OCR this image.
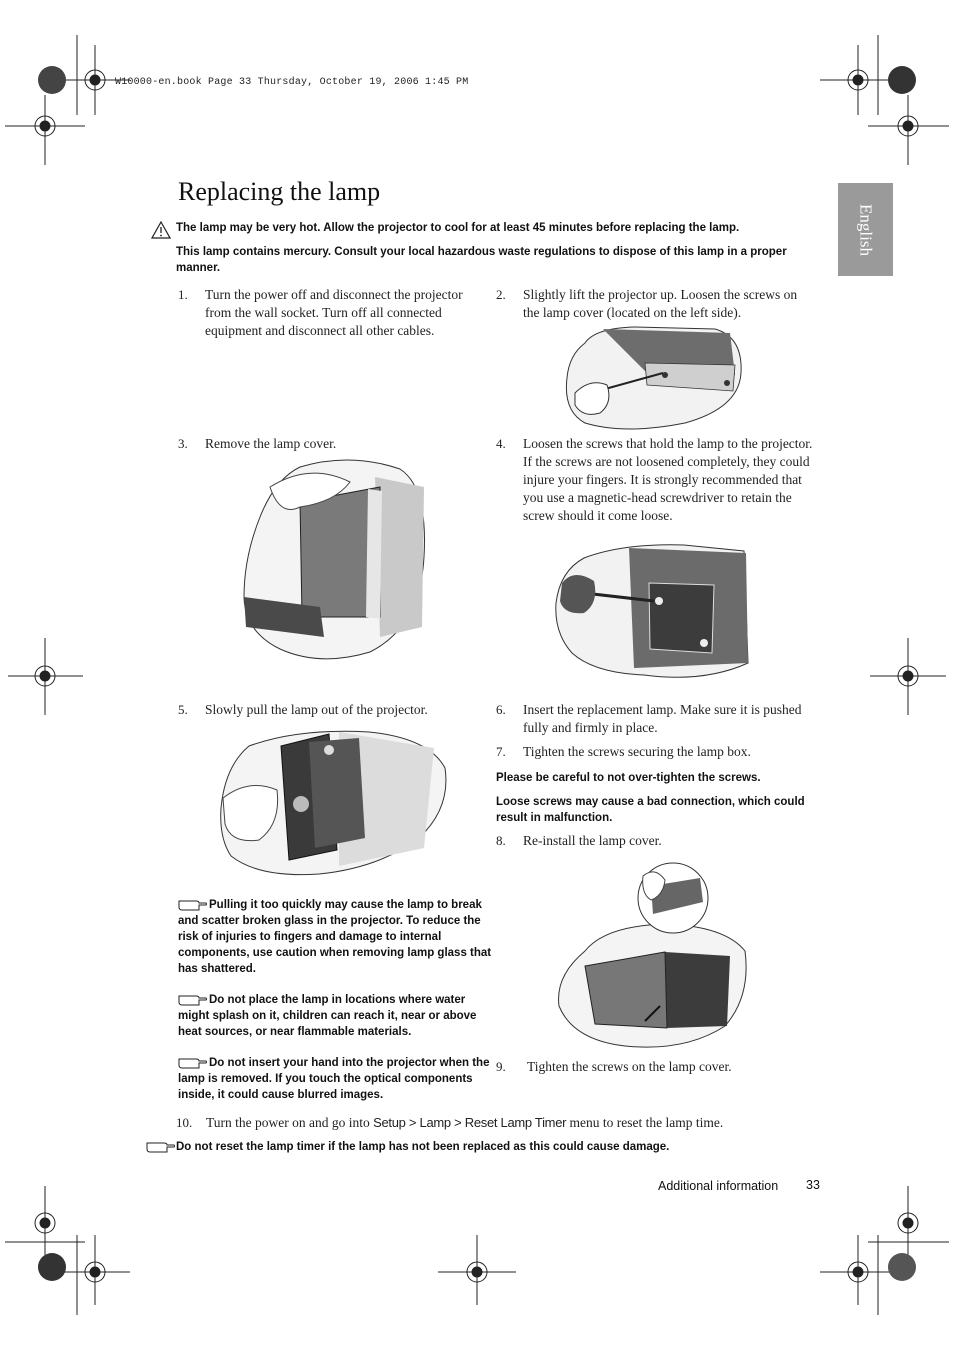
W10000-en.book Page 33 Thursday, October 19, 2006 1:45 PM
English
Replacing the lamp
The lamp may be very hot. Allow the projector to cool for at least 45 minutes before replacing the lamp.
This lamp contains mercury. Consult your local hazardous waste regulations to dispose of this lamp in a proper manner.
1. Turn the power off and disconnect the projector from the wall socket. Turn off all connected equipment and disconnect all other cables.
2. Slightly lift the projector up. Loosen the screws on the lamp cover (located on the left side).
3. Remove the lamp cover.	4. Loosen the screws that hold the lamp to the projector. If the screws are not loosened completely, they could injure your fingers. It is strongly recommended that you use a magnetic-head screwdriver to retain the screw should it come loose.
5. Slowly pull the lamp out of the projector.	6. Insert the replacement lamp. Make sure it is pushed fully and firmly in place.
7. Tighten the screws securing the lamp box.
Please be careful to not over-tighten the screws.
Loose screws may cause a bad connection, which could result in malfunction.
8. Re-install the lamp cover.
Pulling it too quickly may cause the lamp to break and scatter broken glass in the projector. To reduce the risk of injuries to fingers and damage to internal components, use caution when removing lamp glass that has shattered.
Do not place the lamp in locations where water might splash on it, children can reach it, near or above heat sources, or near flammable materials.
Do not insert your hand into the projector when the lamp is removed. If you touch the optical components inside, it could cause blurred images.
9. Tighten the screws on the lamp cover.
10. Turn the power on and go into Setup > Lamp > Reset Lamp Timer menu to reset the lamp time.
Do not reset the lamp timer if the lamp has not been replaced as this could cause damage.
Additional information 33
